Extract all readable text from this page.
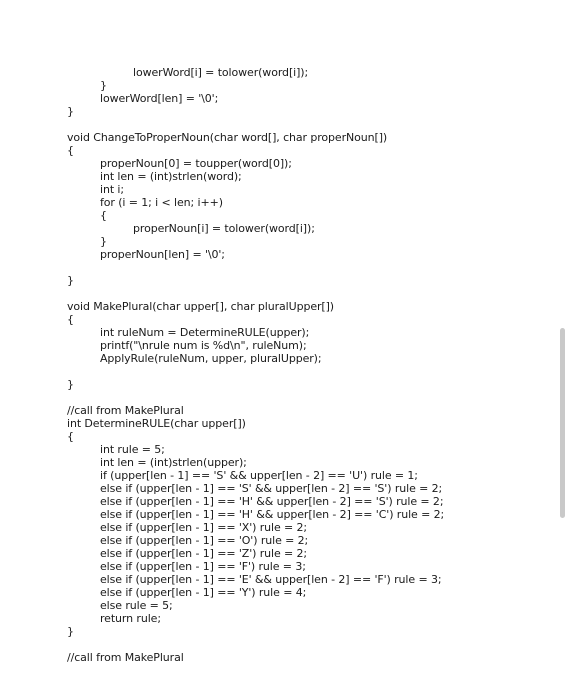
lowerWord[i] = tolower(word[i]);
}
lowerWord[len] = '\0';
}
void ChangeToProperNoun(char word[], char properNoun[])
{
properNoun[0] = toupper(word[0]);
int len = (int)strlen(word);
int i;
for (i = 1; i < len; i++)
{
properNoun[i] = tolower(word[i]);
}
properNoun[len] = '\0';
}
void MakePlural(char upper[], char pluralUpper[])
{
int ruleNum = DetermineRULE(upper);
printf("\nrule num is %d\n", ruleNum);
ApplyRule(ruleNum, upper, pluralUpper);
}
//call from MakePlural
int DetermineRULE(char upper[])
{
int rule = 5;
int len = (int)strlen(upper);
if (upper[len - 1] == 'S' && upper[len - 2] == 'U') rule = 1;
else if (upper[len - 1] == 'S' && upper[len - 2] == 'S') rule = 2;
else if (upper[len - 1] == 'H' && upper[len - 2] == 'S') rule = 2;
else if (upper[len - 1] == 'H' && upper[len - 2] == 'C') rule = 2;
else if (upper[len - 1] == 'X') rule = 2;
else if (upper[len - 1] == 'O') rule = 2;
else if (upper[len - 1] == 'Z') rule = 2;
else if (upper[len - 1] == 'F') rule = 3;
else if (upper[len - 1] == 'E' && upper[len - 2] == 'F') rule = 3;
else if (upper[len - 1] == 'Y') rule = 4;
else rule = 5;
return rule;
}
//call from MakePlural
